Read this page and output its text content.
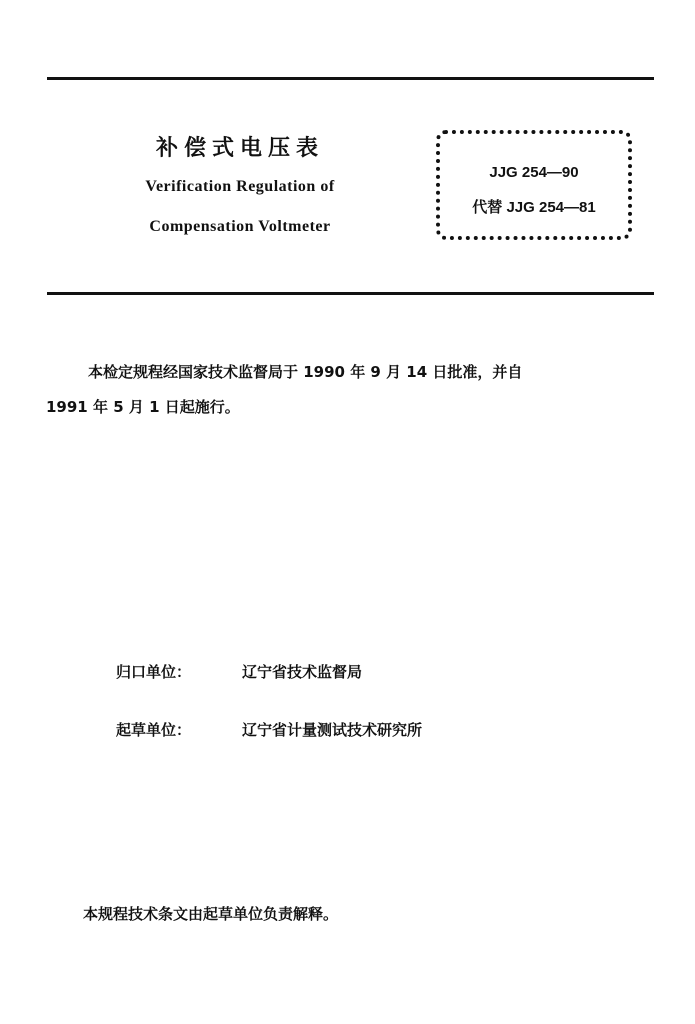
补偿式电压表
Verification Regulation of
Compensation Voltmeter
JJG 254—90
代替 JJG 254—81
本检定规程经国家技术监督局于 1990 年 9 月 14 日批准，并自
1991 年 5 月 1 日起施行。
归口单位：	辽宁省技术监督局
起草单位：	辽宁省计量测试技术研究所
本规程技术条文由起草单位负责解释。
